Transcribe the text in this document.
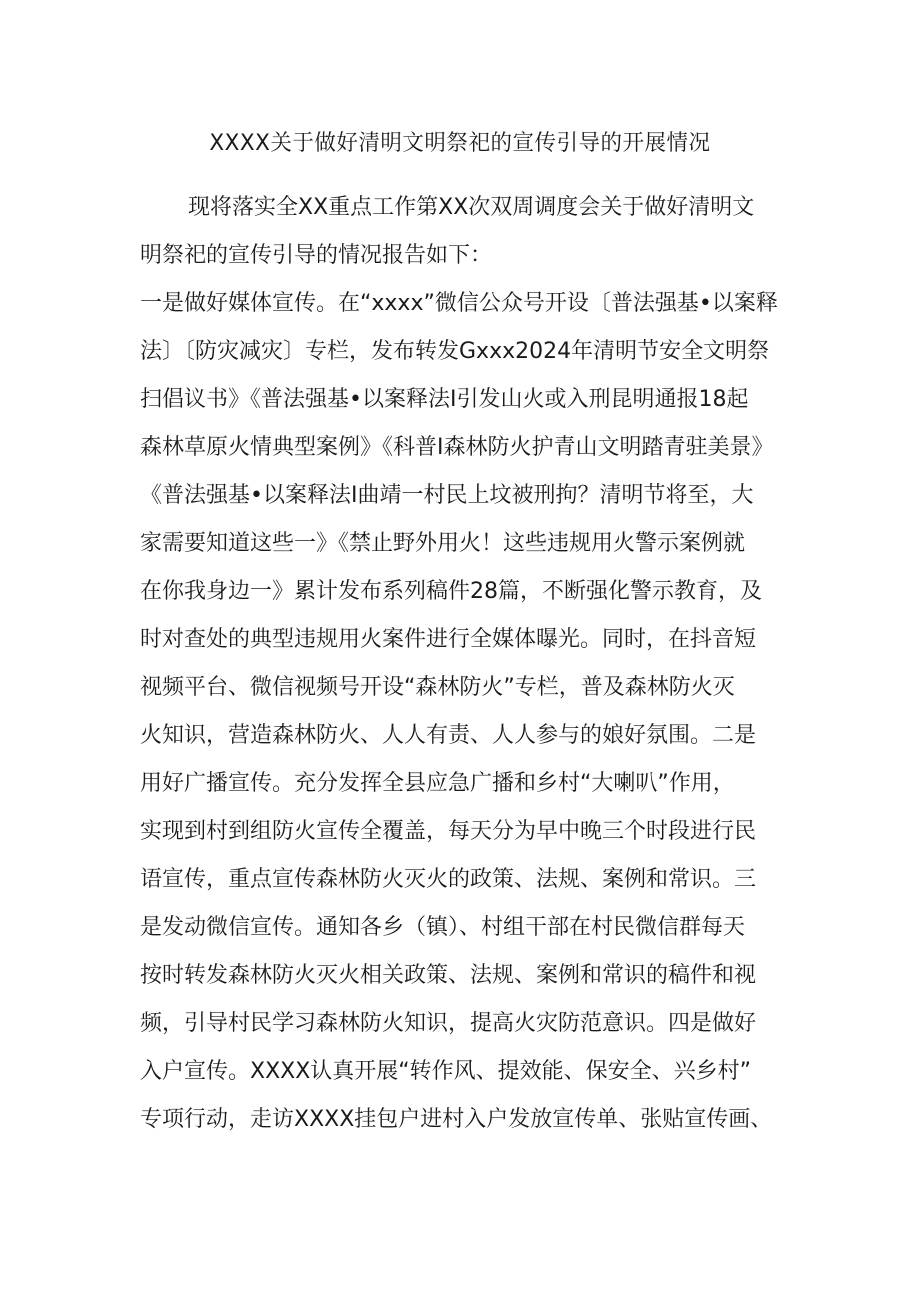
XXXX关于做好清明文明祭祀的宣传引导的开展情况
现将落实全XX重点工作第XX次双周调度会关于做好清明文
明祭祀的宣传引导的情况报告如下：
一是做好媒体宣传。在“xxxx”微信公众号开设〔普法强基•以案释
法〕〔防灾减灾〕专栏，发布转发Gxxx2024年清明节安全文明祭
扫倡议书》《普法强基•以案释法I引发山火或入刑昆明通报18起
森林草原火情典型案例》《科普I森林防火护青山文明踏青驻美景》
《普法强基•以案释法I曲靖一村民上坟被刑拘？清明节将至，大
家需要知道这些一》《禁止野外用火！这些违规用火警示案例就
在你我身边一》累计发布系列稿件28篇，不断强化警示教育，及
时对查处的典型违规用火案件进行全媒体曝光。同时，在抖音短
视频平台、微信视频号开设“森林防火”专栏，普及森林防火灭
火知识，营造森林防火、人人有责、人人参与的娘好氛围。二是
用好广播宣传。充分发挥全县应急广播和乡村“大喇叭”作用，
实现到村到组防火宣传全覆盖，每天分为早中晚三个时段进行民
语宣传，重点宣传森林防火灭火的政策、法规、案例和常识。三
是发动微信宣传。通知各乡（镇）、村组干部在村民微信群每天
按时转发森林防火灭火相关政策、法规、案例和常识的稿件和视
频，引导村民学习森林防火知识，提高火灾防范意识。四是做好
入户宣传。XXXX认真开展“转作风、提效能、保安全、兴乡村”
专项行动，走访XXXX挂包户进村入户发放宣传单、张贴宣传画、
